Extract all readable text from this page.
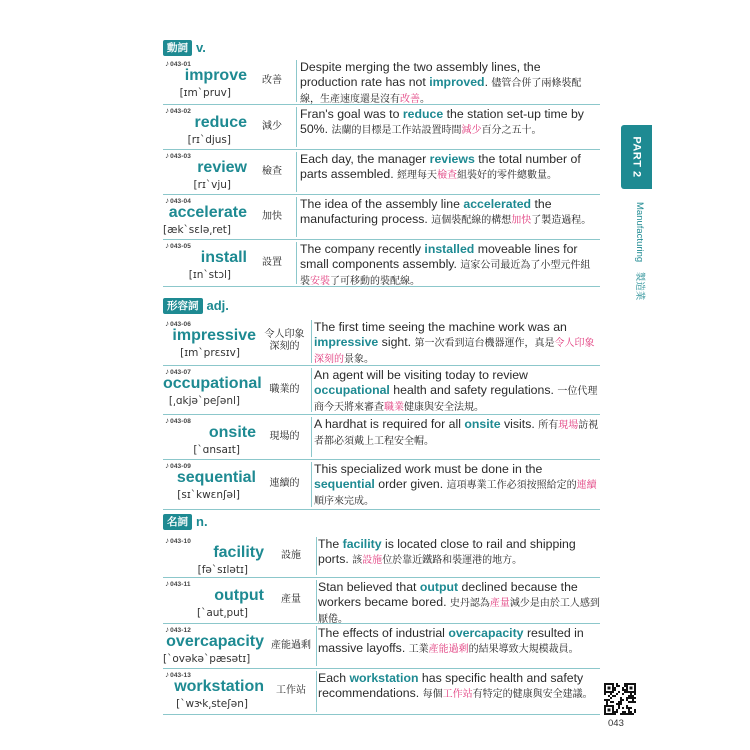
動詞 v.
形容詞 adj.
名詞 n.
♪043-01
improve
[ɪm`pruv]
改善
Despite merging the two assembly lines, the production rate has not improved. 儘管合併了兩條裝配線，生產速度還是沒有改善。
♪043-02
reduce
[rɪ`djus]
減少
Fran's goal was to reduce the station set-up time by 50%. 法蘭的目標是工作站設置時間減少百分之五十。
♪043-03
review
[rɪ`vju]
檢查
Each day, the manager reviews the total number of parts assembled. 經理每天檢查組裝好的零件總數量。
♪043-04
accelerate
[æk`sɛlə͵ret]
加快
The idea of the assembly line accelerated the manufacturing process. 這個裝配線的構想加快了製造過程。
♪043-05
install
[ɪn`stɔl]
設置
The company recently installed moveable lines for small components assembly. 這家公司最近為了小型元件組裝安裝了可移動的裝配線。
♪043-06
impressive
[ɪm`prɛsɪv]
令人印象深刻的
The first time seeing the machine work was an impressive sight. 第一次看到這台機器運作，真是令人印象深刻的景象。
♪043-07
occupational
[͵ɑkjə`peʃənl]
職業的
An agent will be visiting today to review occupational health and safety regulations. 一位代理商今天將來審查職業健康與安全法規。
♪043-08
onsite
[`ɑnsaɪt]
現場的
A hardhat is required for all onsite visits. 所有現場訪視者都必須戴上工程安全帽。
♪043-09
sequential
[sɪ`kwɛnʃəl]
連續的
This specialized work must be done in the sequential order given. 這項專業工作必須按照給定的連續順序來完成。
♪043-10
facility
[fə`sɪlətɪ]
設施
The facility is located close to rail and shipping ports. 該設施位於靠近鐵路和裝運港的地方。
♪043-11
output
[`aut͵put]
產量
Stan believed that output declined because the workers became bored. 史丹認為產量減少是由於工人感到厭倦。
♪043-12
overcapacity
[`ovəkə`pæsətɪ]
產能過剩
The effects of industrial overcapacity resulted in massive layoffs. 工業產能過剩的結果導致大規模裁員。
♪043-13
workstation
[`wɝk͵steʃən]
工作站
Each workstation has specific health and safety recommendations. 每個工作站有特定的健康與安全建議。
PART 2
Manufacturing　製造業
043
